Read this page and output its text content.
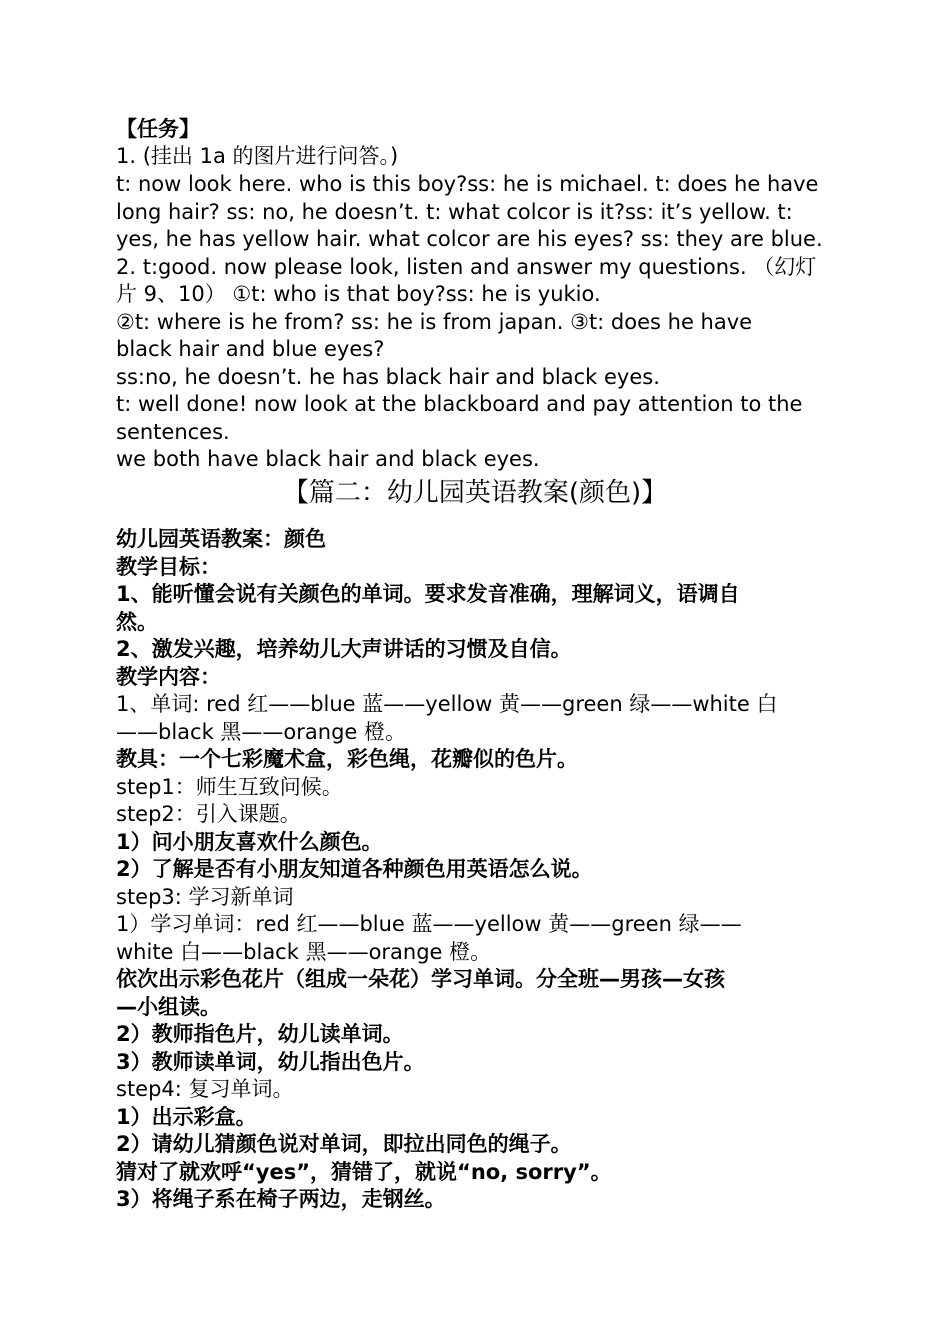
【任务】

1. (挂出 1a 的图片进行问答。)

t: now look here. who is this boy?ss: he is michael. t: does he have

long hair? ss: no, he doesn’t. t: what colcor is it?ss: it’s yellow. t:

yes, he has yellow hair. what colcor are his eyes? ss: they are blue.

2. t:good. now please look, listen and answer my questions. （幻灯

片 9、10） ①t: who is that boy?ss: he is yukio.

②t: where is he from? ss: he is from japan. ③t: does he have

black hair and blue eyes?

ss:no, he doesn’t. he has black hair and black eyes.

t: well done! now look at the blackboard and pay attention to the

sentences.

we both have black hair and black eyes.

【篇二：幼儿园英语教案(颜色)】

幼儿园英语教案：颜色

教学目标：

1、能听懂会说有关颜色的单词。要求发音准确，理解词义，语调自

然。

2、激发兴趣，培养幼儿大声讲话的习惯及自信。

教学内容：

1、单词: red 红——blue 蓝——yellow 黄——green 绿——white 白

——black 黑——orange 橙。

教具：一个七彩魔术盒，彩色绳，花瓣似的色片。

step1：师生互致问候。

step2：引入课题。

1）问小朋友喜欢什么颜色。

2）了解是否有小朋友知道各种颜色用英语怎么说。

step3: 学习新单词

1）学习单词：red 红——blue 蓝——yellow 黄——green 绿——

white 白——black 黑——orange 橙。

依次出示彩色花片（组成一朵花）学习单词。分全班—男孩—女孩

—小组读。

2）教师指色片，幼儿读单词。

3）教师读单词，幼儿指出色片。

step4: 复习单词。

1）出示彩盒。

2）请幼儿猜颜色说对单词，即拉出同色的绳子。

猜对了就欢呼“yes”，猜错了，就说“no, sorry”。

3）将绳子系在椅子两边，走钢丝。
